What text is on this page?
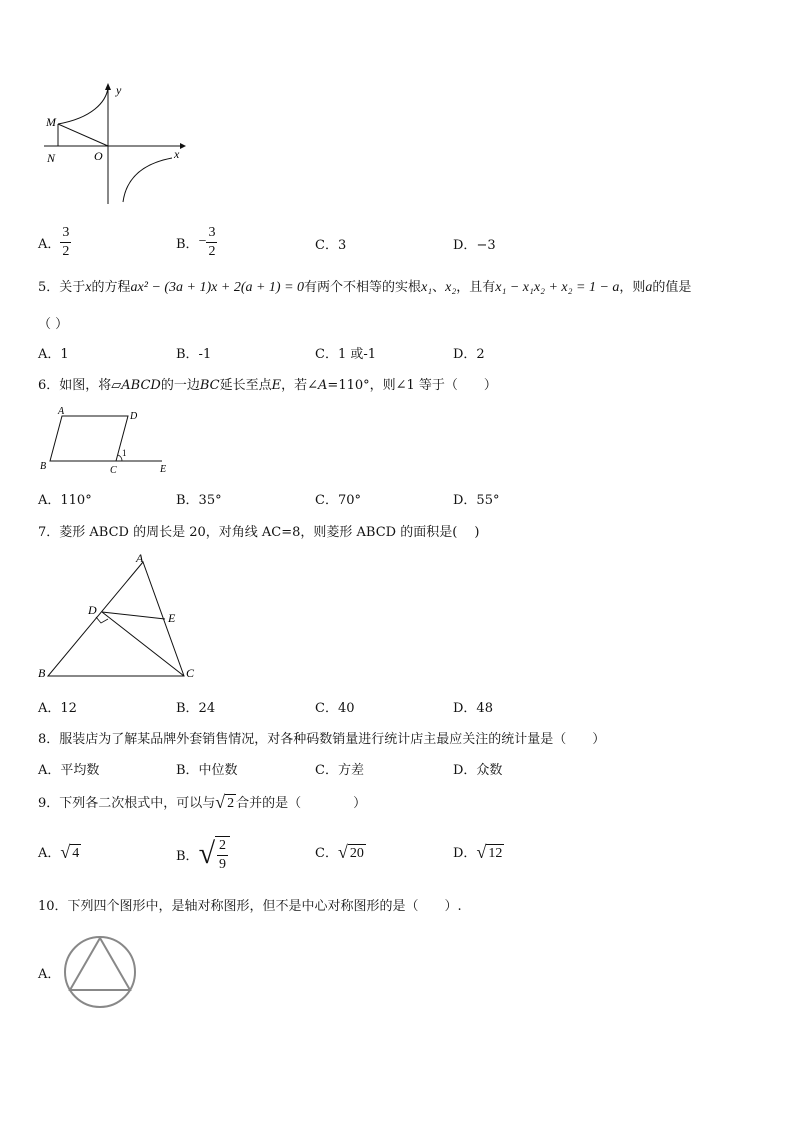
M
N	O	x
y
A． $\frac{3}{2}$	B． − $\frac{3}{2}$	C．3	D．−3
5．关于x的方程ax² − (3a + 1)x + 2(a + 1) = 0有两个不相等的实根x₁、x₂，且有x₁ − x₁x₂ + x₂ = 1 − a，则a的值是
（ ）
A．1	B．-1	C．1 或-1	D．2
6．如图，将▱ABCD的一边BC延长至点E，若∠A=110°，则∠1 等于（　　）
A	D
B	C
1
E
A．110°	B．35°	C．70°	D．55°
7．菱形 ABCD 的周长是 20，对角线 AC=8，则菱形 ABCD 的面积是(　 )
A
D
E
B	C
A．12	B．24	C．40	D．48
8．服装店为了解某品牌外套销售情况，对各种码数销量进行统计店主最应关注的统计量是（　　）
A．平均数	B．中位数	C．方差	D．众数
9．下列各二次根式中，可以与 √ 2 合并的是（　　　　）
A． √ 4	B． √ $\frac{2}{9}$	C． √ 20	D． √ 12
10．下列四个图形中，是轴对称图形，但不是中心对称图形的是（　　）.
A．
